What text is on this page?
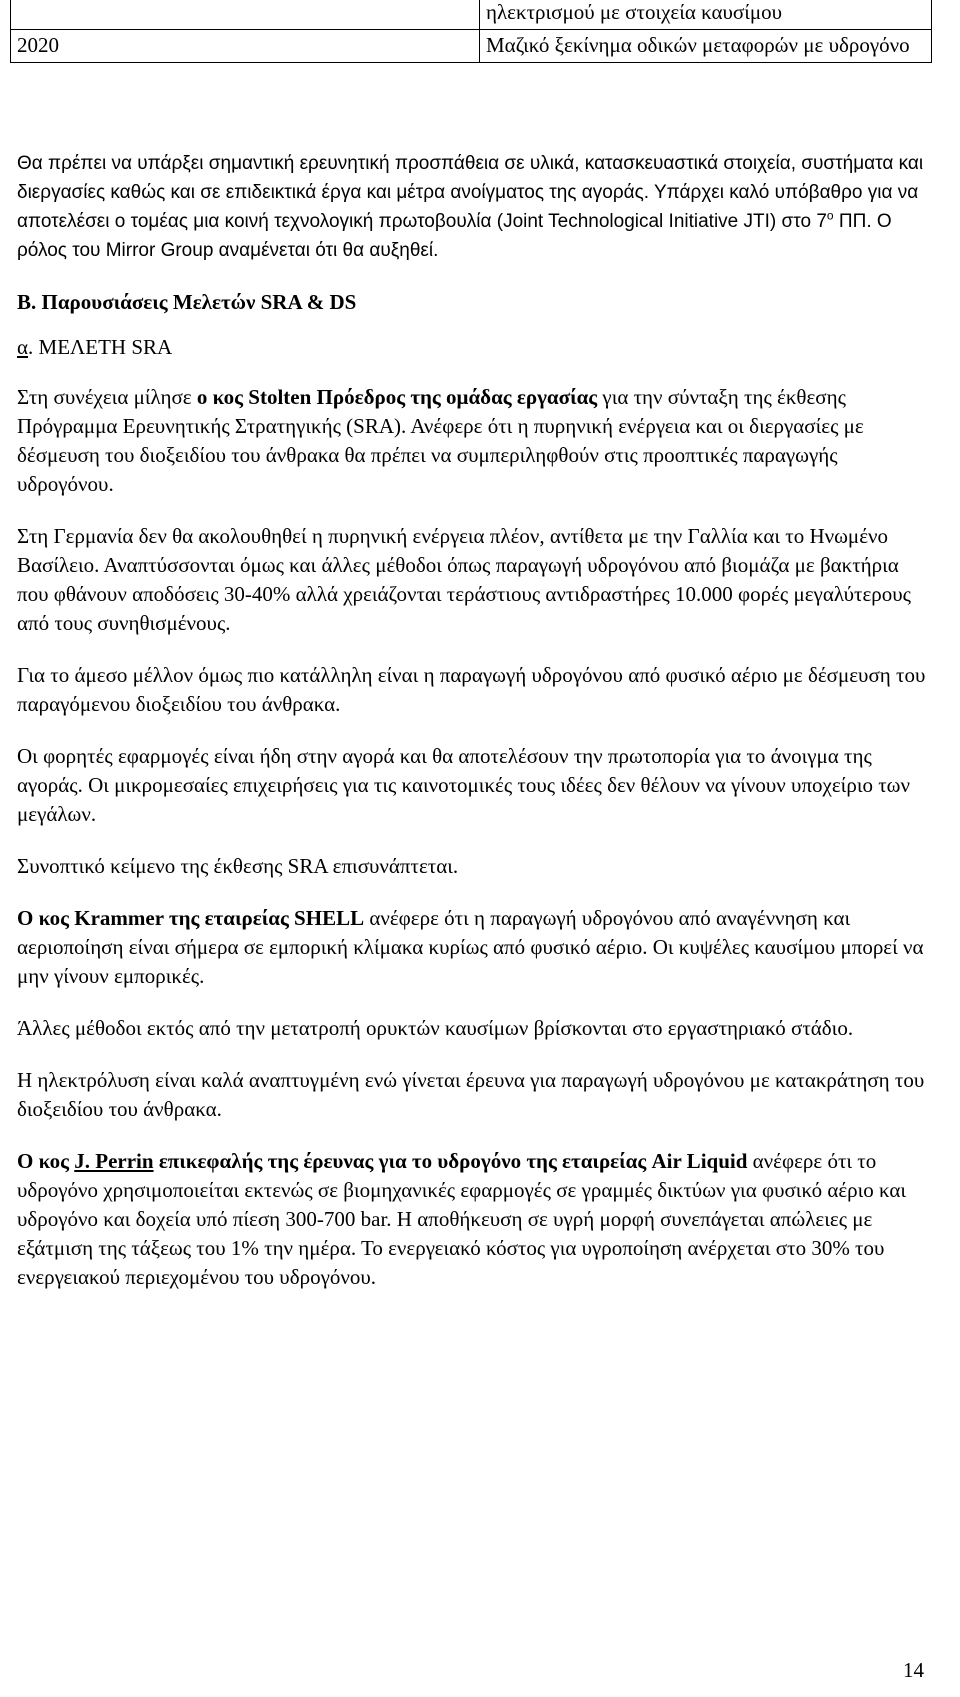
	ηλεκτρισμού με στοιχεία καυσίμου
2020	Μαζικό ξεκίνημα οδικών μεταφορών με υδρογόνο

Θα πρέπει να υπάρξει σημαντική ερευνητική προσπάθεια σε υλικά, κατασκευαστικά στοιχεία, συστήματα και διεργασίες καθώς και σε επιδεικτικά έργα και μέτρα ανοίγματος της αγοράς. Υπάρχει καλό υπόβαθρο για να αποτελέσει ο τομέας μια κοινή τεχνολογική πρωτοβουλία (Joint Technological Initiative JTI) στο $7^o$ ΠΠ. Ο ρόλος του Mirror Group αναμένεται ότι θα αυξηθεί.

Β. Παρουσιάσεις Μελετών SRA & DS

α. ΜΕΛΕΤΗ SRA

Στη συνέχεια μίλησε ο κος Stolten Πρόεδρος της ομάδας εργασίας για την σύνταξη της έκθεσης Πρόγραμμα Ερευνητικής Στρατηγικής (SRA). Ανέφερε ότι η πυρηνική ενέργεια και οι διεργασίες με δέσμευση του διοξειδίου του άνθρακα θα πρέπει να συμπεριληφθούν στις προοπτικές παραγωγής υδρογόνου.

Στη Γερμανία δεν θα ακολουθηθεί η πυρηνική ενέργεια πλέον, αντίθετα με την Γαλλία και το Ηνωμένο Βασίλειο. Αναπτύσσονται όμως και άλλες μέθοδοι όπως παραγωγή υδρογόνου από βιομάζα με βακτήρια που φθάνουν αποδόσεις 30-40% αλλά χρειάζονται τεράστιους αντιδραστήρες 10.000 φορές μεγαλύτερους από τους συνηθισμένους.

Για το άμεσο μέλλον όμως πιο κατάλληλη είναι η παραγωγή υδρογόνου από φυσικό αέριο με δέσμευση του παραγόμενου διοξειδίου του άνθρακα.

Οι φορητές εφαρμογές είναι ήδη στην αγορά και θα αποτελέσουν την πρωτοπορία για το άνοιγμα της αγοράς. Οι μικρομεσαίες επιχειρήσεις για τις καινοτομικές τους ιδέες δεν θέλουν να γίνουν υποχείριο των μεγάλων.

Συνοπτικό κείμενο της έκθεσης SRA επισυνάπτεται.

Ο κος Krammer της εταιρείας SHELL ανέφερε ότι η παραγωγή υδρογόνου από αναγέννηση και αεριοποίηση είναι σήμερα σε εμπορική κλίμακα κυρίως από φυσικό αέριο. Οι κυψέλες καυσίμου μπορεί να μην γίνουν εμπορικές.

Άλλες μέθοδοι εκτός από την μετατροπή ορυκτών καυσίμων βρίσκονται στο εργαστηριακό στάδιο.

Η ηλεκτρόλυση είναι καλά αναπτυγμένη ενώ γίνεται έρευνα για παραγωγή υδρογόνου με κατακράτηση του διοξειδίου του άνθρακα.

Ο κος J. Perrin επικεφαλής της έρευνας για το υδρογόνο της εταιρείας Air Liquid ανέφερε ότι το υδρογόνο χρησιμοποιείται εκτενώς σε βιομηχανικές εφαρμογές σε γραμμές δικτύων για φυσικό αέριο και υδρογόνο και δοχεία υπό πίεση 300-700 bar. Η αποθήκευση σε υγρή μορφή συνεπάγεται απώλειες με εξάτμιση της τάξεως του 1% την ημέρα. Το ενεργειακό κόστος για υγροποίηση ανέρχεται στο 30% του ενεργειακού περιεχομένου του υδρογόνου.

14
